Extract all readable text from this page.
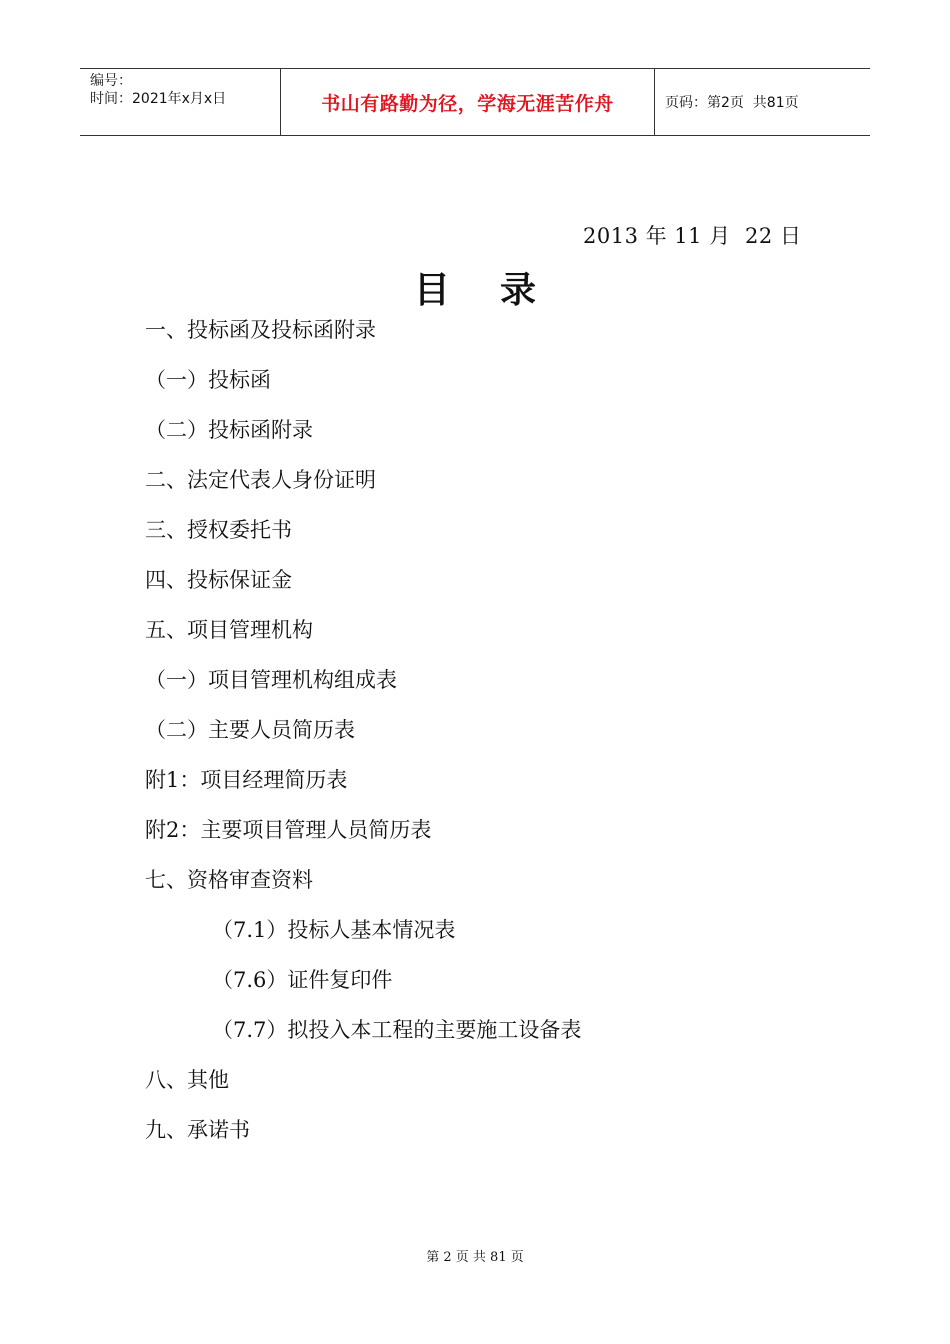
编号：
时间：2021年x月x日	书山有路勤为径，学海无涯苦作舟	页码：第2页  共81页
2013 年 11 月  22 日
目    录
一、投标函及投标函附录
（一）投标函
（二）投标函附录
二、法定代表人身份证明
三、授权委托书
四、投标保证金
五、项目管理机构
（一）项目管理机构组成表
（二）主要人员简历表
附1：项目经理简历表
附2：主要项目管理人员简历表
七、资格审查资料
（7.1）投标人基本情况表
（7.6）证件复印件
（7.7）拟投入本工程的主要施工设备表
八、其他
九、承诺书
第 2 页 共 81 页
